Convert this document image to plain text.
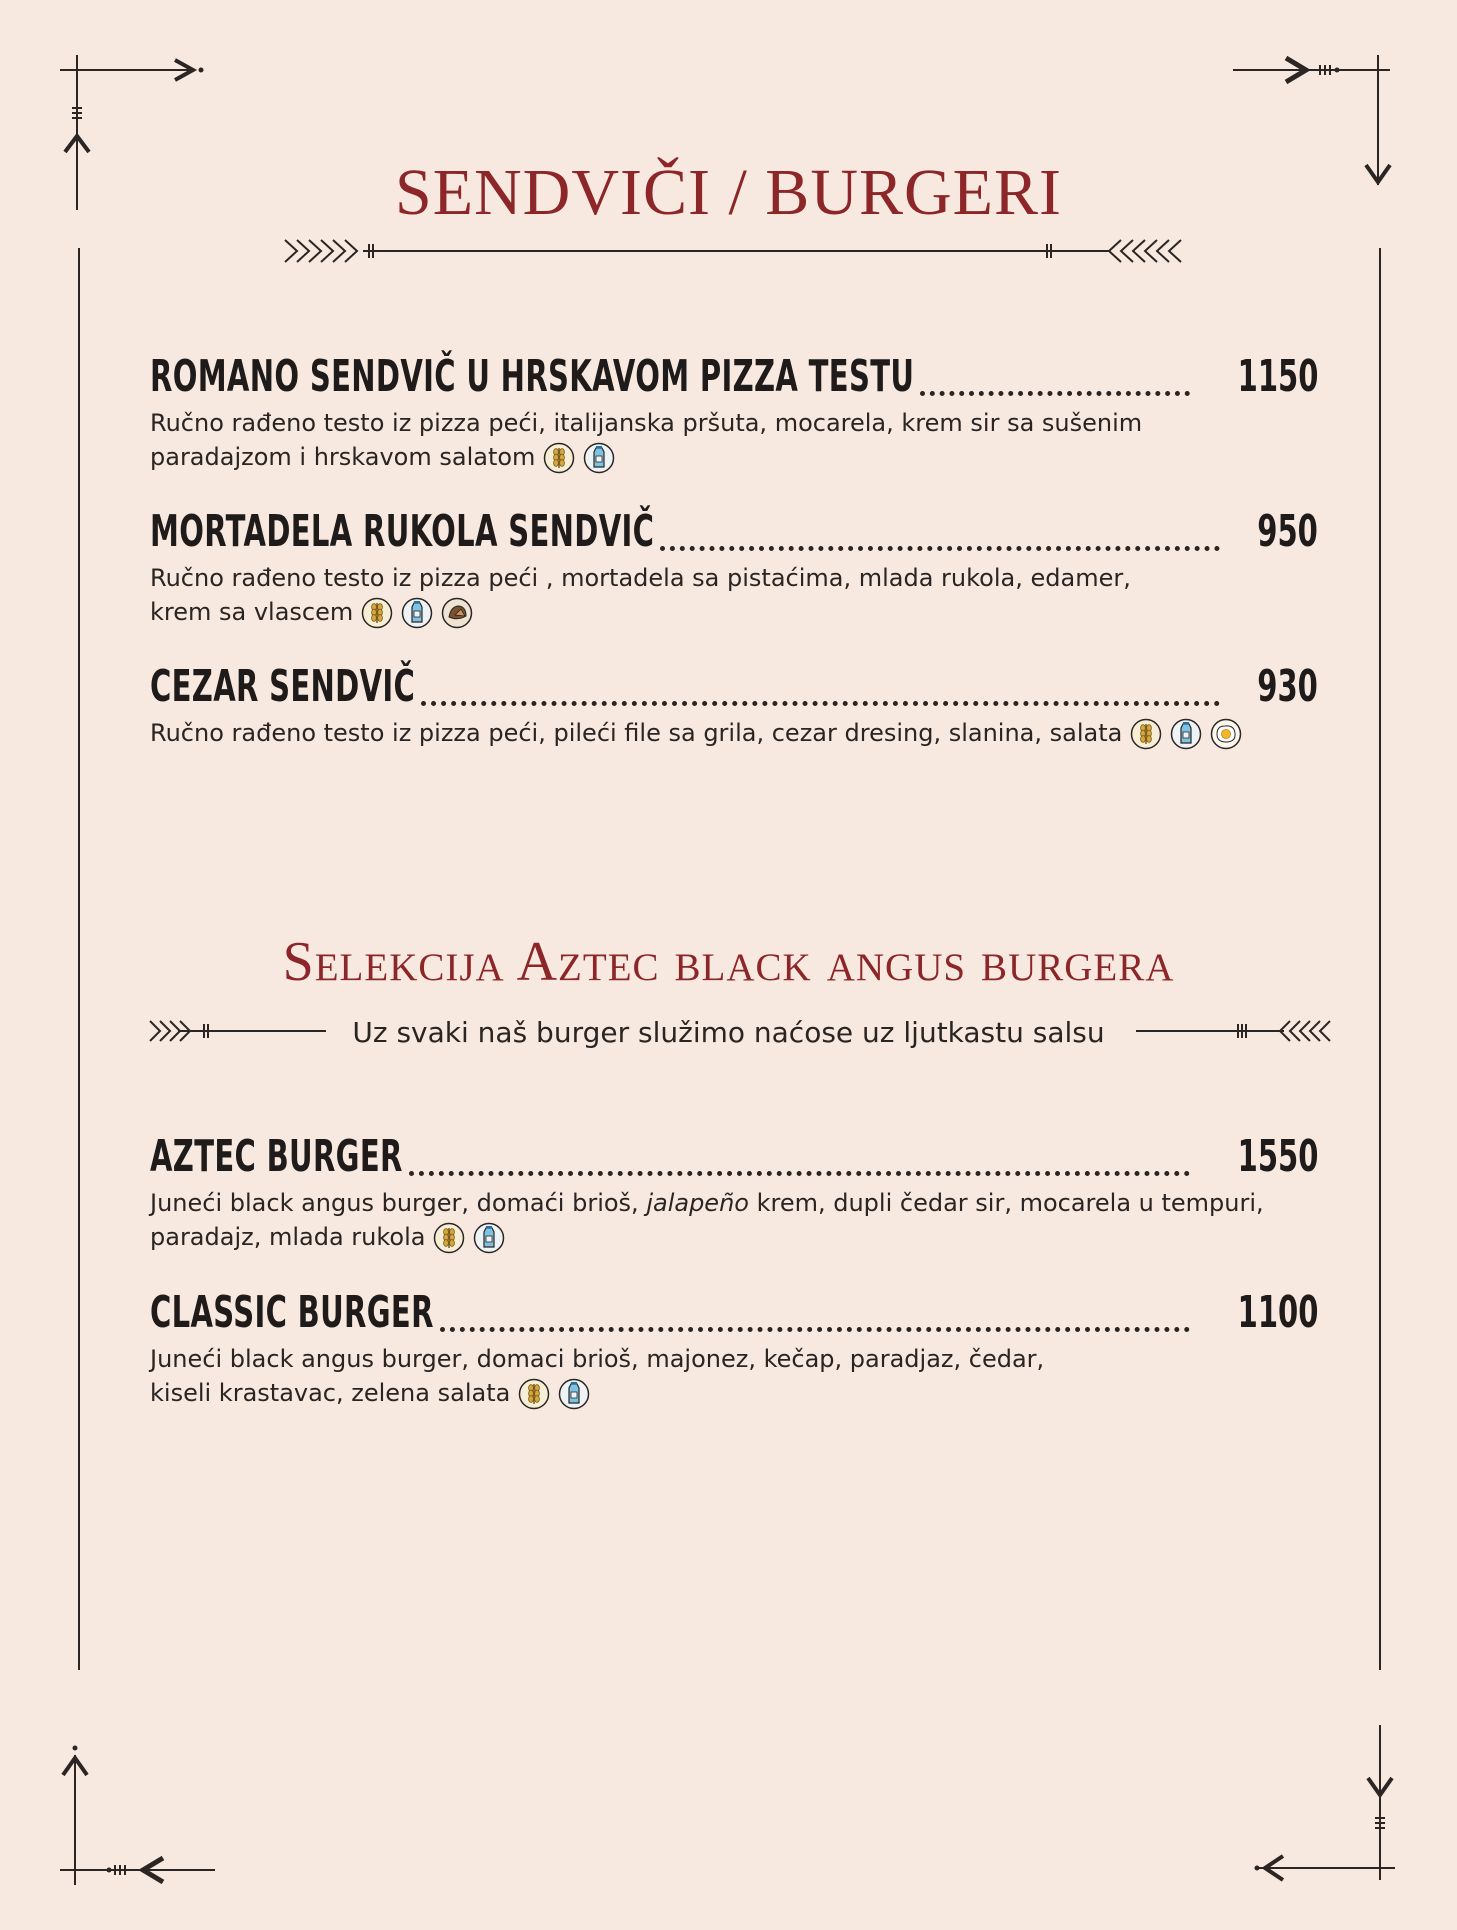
SENDVIČI / BURGERI
ROMANO SENDVIČ U HRSKAVOM PIZZA TESTU	1150
Ručno rađeno testo iz pizza peći, italijanska pršuta, mocarela, krem sir sa sušenim
paradajzom i hrskavom salatom
MORTADELA RUKOLA SENDVIČ	950
Ručno rađeno testo iz pizza peći , mortadela sa pistaćima, mlada rukola, edamer,
krem sa vlascem
CEZAR SENDVIČ	930
Ručno rađeno testo iz pizza peći, pileći file sa grila, cezar dresing, slanina, salata
Selekcija Aztec black angus burgera
Uz svaki naš burger služimo naćose uz ljutkastu salsu
AZTEC BURGER	1550
Juneći black angus burger, domaći brioš, jalapeño krem, dupli čedar sir, mocarela u tempuri,
paradajz, mlada rukola
CLASSIC BURGER	1100
Juneći black angus burger, domaci brioš, majonez, kečap, paradjaz, čedar,
kiseli krastavac, zelena salata
